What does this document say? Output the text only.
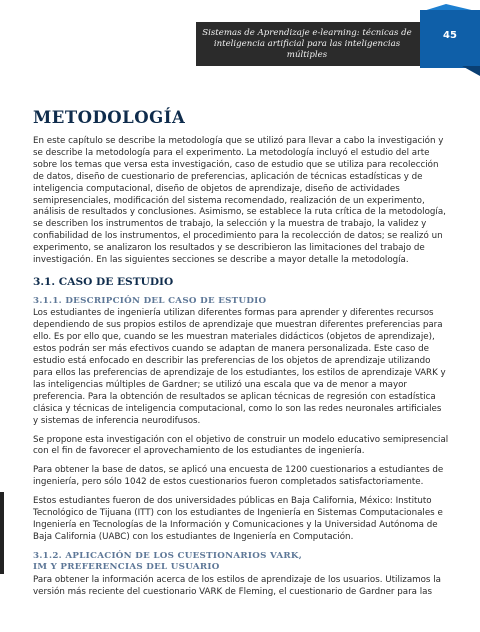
Sistemas de Aprendizaje e-learning: técnicas de
inteligencia artificial para las inteligencias múltiples
45
METODOLOGÍA

En este capítulo se describe la metodología que se utilizó para llevar a cabo la investigación y se describe la metodología para el experimento. La metodología incluyó el estudio del arte sobre los temas que versa esta investigación, caso de estudio que se utiliza para recolección de datos, diseño de cuestionario de preferencias, aplicación de técnicas estadísticas y de inteligencia computacional, diseño de objetos de aprendizaje, diseño de actividades semipresenciales, modificación del sistema recomendado, realización de un experimento, análisis de resultados y conclusiones. Asimismo, se establece la ruta crítica de la metodología, se describen los instrumentos de trabajo, la selección y la muestra de trabajo, la validez y confiabilidad de los instrumentos, el procedimiento para la recolección de datos; se realizó un experimento, se analizaron los resultados y se describieron las limitaciones del trabajo de investigación. En las siguientes secciones se describe a mayor detalle la metodología.

3.1. CASO DE ESTUDIO
3.1.1. DESCRIPCIÓN DEL CASO DE ESTUDIO

Los estudiantes de ingeniería utilizan diferentes formas para aprender y diferentes recursos dependiendo de sus propios estilos de aprendizaje que muestran diferentes preferencias para ello. Es por ello que, cuando se les muestran materiales didácticos (objetos de aprendizaje), estos podrán ser más efectivos cuando se adaptan de manera personalizada. Este caso de estudio está enfocado en describir las preferencias de los objetos de aprendizaje utilizando para ellos las preferencias de aprendizaje de los estudiantes, los estilos de aprendizaje VARK y las inteligencias múltiples de Gardner; se utilizó una escala que va de menor a mayor preferencia. Para la obtención de resultados se aplican técnicas de regresión con estadística clásica y técnicas de inteligencia computacional, como lo son las redes neuronales artificiales y sistemas de inferencia neurodifusos.

Se propone esta investigación con el objetivo de construir un modelo educativo semipresencial con el fin de favorecer el aprovechamiento de los estudiantes de ingeniería.

Para obtener la base de datos, se aplicó una encuesta de 1200 cuestionarios a estudiantes de ingeniería, pero sólo 1042 de estos cuestionarios fueron completados satisfactoriamente.

Estos estudiantes fueron de dos universidades públicas en Baja California, México: Instituto Tecnológico de Tijuana (ITT) con los estudiantes de Ingeniería en Sistemas Computacionales e Ingeniería en Tecnologías de la Información y Comunicaciones y la Universidad Autónoma de Baja California (UABC) con los estudiantes de Ingeniería en Computación.

3.1.2. APLICACIÓN DE LOS CUESTIONARIOS VARK,
IM Y PREFERENCIAS DEL USUARIO

Para obtener la información acerca de los estilos de aprendizaje de los usuarios. Utilizamos la versión más reciente del cuestionario VARK de Fleming, el cuestionario de Gardner para las
